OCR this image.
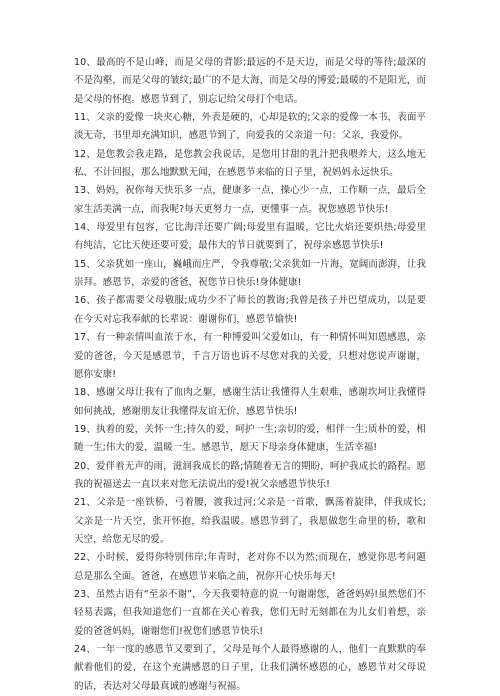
10、最高的不是山峰，而是父母的背影;最远的不是天边，而是父母的等待;最深的不是沟壑，而是父母的皱纹;最广的不是大海，而是父母的博爱;最暖的不是阳光，而是父母的怀抱。感恩节到了，别忘记给父母打个电话。

11、父亲的爱像一块夹心糖，外表是硬的，心却是软的;父亲的爱像一本书，表面平淡无奇，书里却充满知识，感恩节到了，向爱我的父亲道一句：父亲，我爱你。

12、是您教会我走路，是您教会我说话，是您用甘甜的乳汁把我喂养大，这么地无私、不计回报，那么地默默无闻，在感恩节来临的日子里，祝妈妈永远快乐。

13、妈妈，祝你每天快乐多一点，健康多一点，操心少一点，工作顺一点，最后全家生活美满一点，而我呢?每天更努力一点，更懂事一点。祝您感恩节快乐!

14、母爱里有包容，它比海洋还要广阔;母爱里有温暖，它比火焰还要炽热;母爱里有纯洁，它比天使还要可爱，最伟大的节日就要到了，祝母亲感恩节快乐!

15、父亲犹如一座山，巍峨而庄严，令我尊敬;父亲犹如一片海，宽阔而澎湃，让我崇拜。感恩节，亲爱的爸爸，祝您节日快乐!身体健康!

16、孩子都需要父母敬服;成功少不了师长的教诲;我曾是孩子并巴望成功，以是要在今天对忘我奉献的长辈说：谢谢你们，感恩节愉快!

17、有一种亲情叫血浓于水，有一种博爱叫父爱如山，有一种情怀叫知恩感恩，亲爱的爸爸，今天是感恩节，千言万语也诉不尽您对我的关爱，只想对您说声谢谢，愿你安康!

18、感谢父母让我有了血肉之躯，感谢生活让我懂得人生艰难，感谢坎坷让我懂得如何挑战，感谢朋友让我懂得友谊无价，感恩节快乐!

19、执着的爱，关怀一生;持久的爱，呵护一生;亲切的爱，相伴一生;质朴的爱，相随一生;伟大的爱，温暖一生。感恩节，愿天下母亲身体健康，生活幸福!

20、爱伴着无声的雨，滋润我成长的路;情随着无言的期盼，呵护我成长的路程。愿我的祝福送去一直以来对您无法说出的爱!祝父亲感恩节快乐!

21、父亲是一座铁桥，弓着腰，渡我过河;父亲是一首歌，飘荡着旋律，伴我成长;父亲是一片天空，张开怀抱，给我温暖。感恩节到了，我愿做您生命里的桥，歌和天空，给您无尽的爱。

22、小时候，爱得你特别伟岸;年青时，老对你不以为然;而现在，感觉你思考问题总是那么全面。爸爸，在感恩节来临之前，祝你开心快乐每天!

23、虽然古语有“至亲不谢”，今天我要特意的说一句谢谢您，爸爸妈妈!虽然您们不轻易表露，但我知道您们一直都在关心着我，您们无时无刻都在为儿女们着想，亲爱的爸爸妈妈，谢谢您们!祝您们感恩节快乐!

24、一年一度的感恩节又要到了，父母是每个人最得感谢的人，他们一直默默的奉献着他们的爱，在这个充满感恩的日子里，让我们满怀感恩的心，感恩节对父母说的话，表达对父母最真诚的感谢与祝福。
